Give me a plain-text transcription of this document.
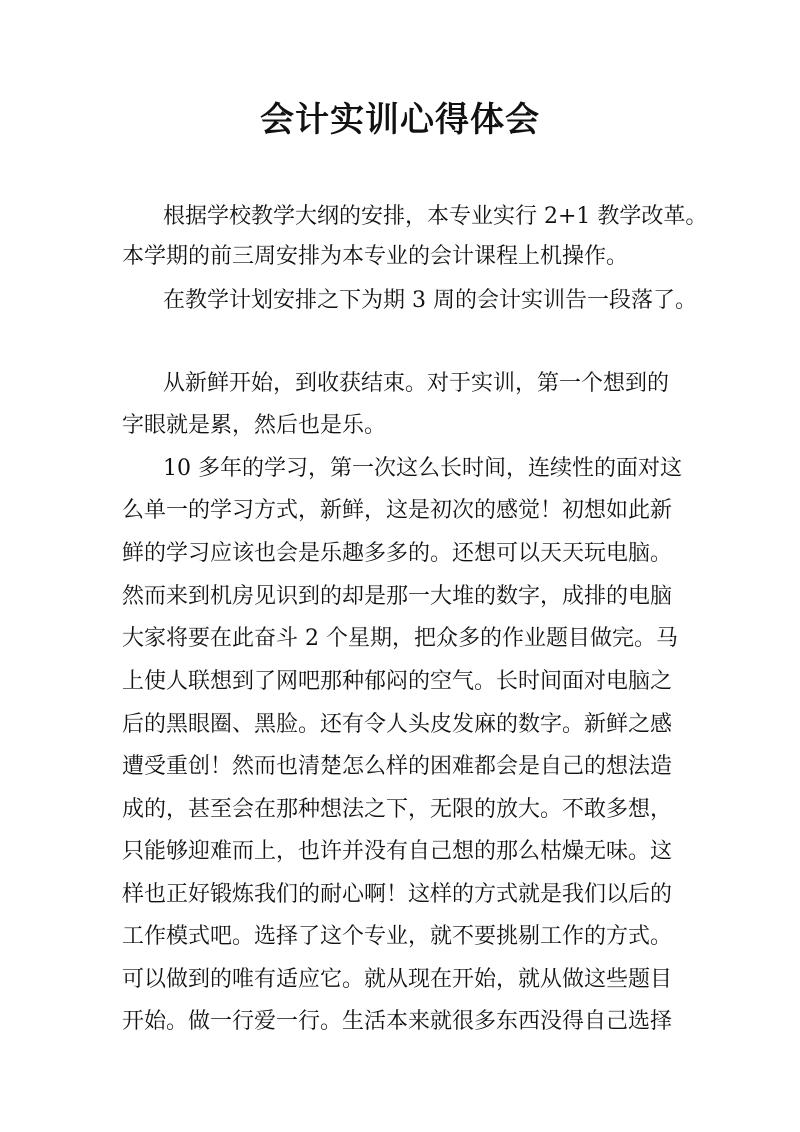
会计实训心得体会
根据学校教学大纲的安排，本专业实行 2+1 教学改革。
本学期的前三周安排为本专业的会计课程上机操作。
在教学计划安排之下为期 3 周的会计实训告一段落了。
从新鲜开始，到收获结束。对于实训，第一个想到的
字眼就是累，然后也是乐。
10 多年的学习，第一次这么长时间，连续性的面对这
么单一的学习方式，新鲜，这是初次的感觉！初想如此新
鲜的学习应该也会是乐趣多多的。还想可以天天玩电脑。
然而来到机房见识到的却是那一大堆的数字，成排的电脑
大家将要在此奋斗 2 个星期，把众多的作业题目做完。马
上使人联想到了网吧那种郁闷的空气。长时间面对电脑之
后的黑眼圈、黑脸。还有令人头皮发麻的数字。新鲜之感
遭受重创！然而也清楚怎么样的困难都会是自己的想法造
成的，甚至会在那种想法之下，无限的放大。不敢多想，
只能够迎难而上，也许并没有自己想的那么枯燥无味。这
样也正好锻炼我们的耐心啊！这样的方式就是我们以后的
工作模式吧。选择了这个专业，就不要挑剔工作的方式。
可以做到的唯有适应它。就从现在开始，就从做这些题目
开始。做一行爱一行。生活本来就很多东西没得自己选择
